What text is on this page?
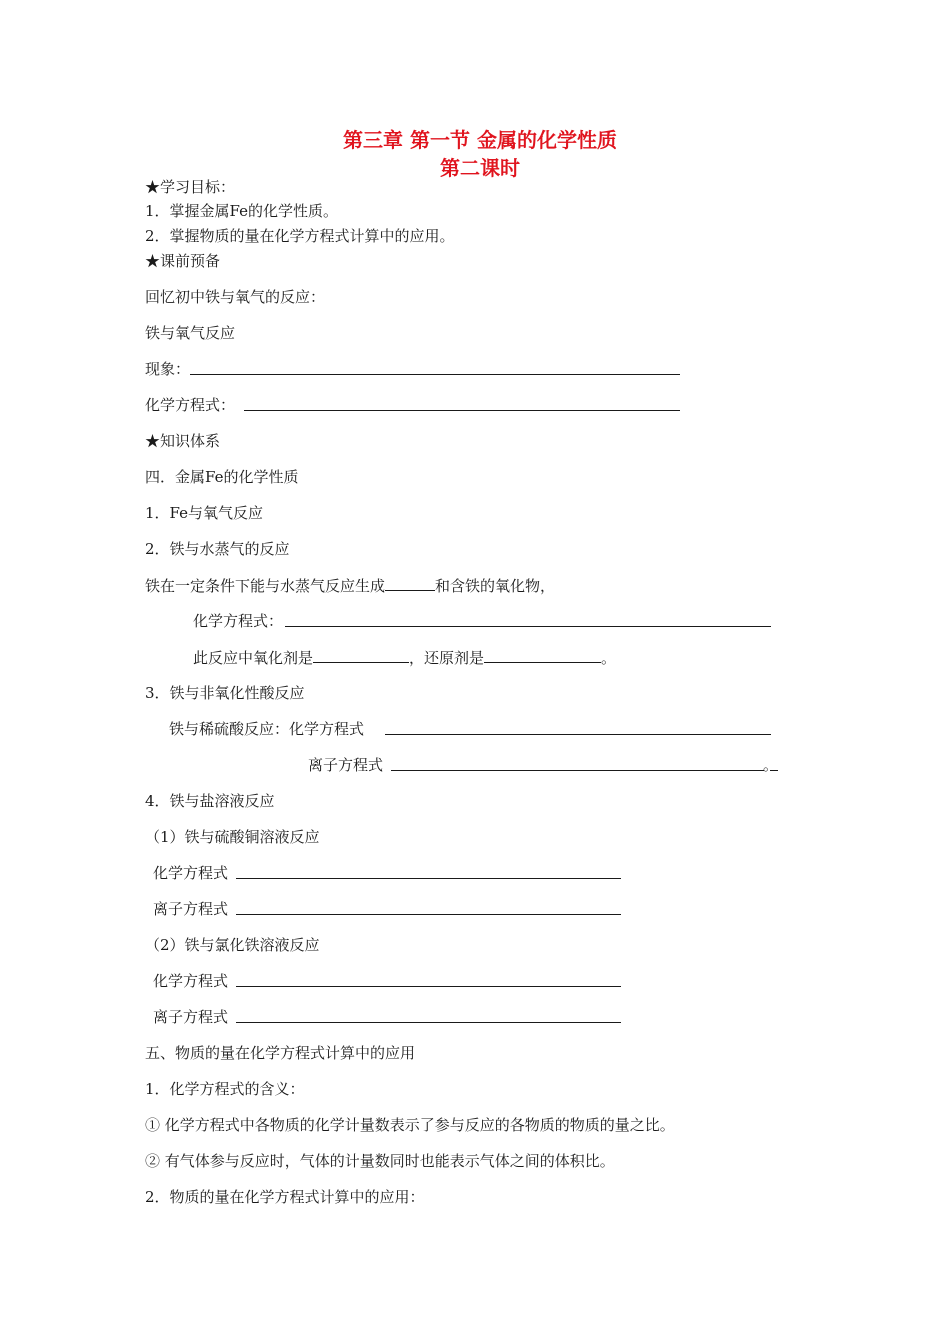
第三章 第一节 金属的化学性质
第二课时
★学习目标：
1．掌握金属Fe的化学性质。
2．掌握物质的量在化学方程式计算中的应用。
★课前预备
回忆初中铁与氧气的反应：
铁与氧气反应
现象：
化学方程式：
★知识体系
四．金属Fe的化学性质
1．Fe与氧气反应
2．铁与水蒸气的反应
铁在一定条件下能与水蒸气反应生成	和含铁的氧化物，
化学方程式：
此反应中氧化剂是	，还原剂是	。
3．铁与非氧化性酸反应
铁与稀硫酸反应：化学方程式
离子方程式	。
4．铁与盐溶液反应
（1）铁与硫酸铜溶液反应
化学方程式
离子方程式
（2）铁与氯化铁溶液反应
化学方程式
离子方程式
五、物质的量在化学方程式计算中的应用
1．化学方程式的含义：
① 化学方程式中各物质的化学计量数表示了参与反应的各物质的物质的量之比。
② 有气体参与反应时，气体的计量数同时也能表示气体之间的体积比。
2．物质的量在化学方程式计算中的应用：
